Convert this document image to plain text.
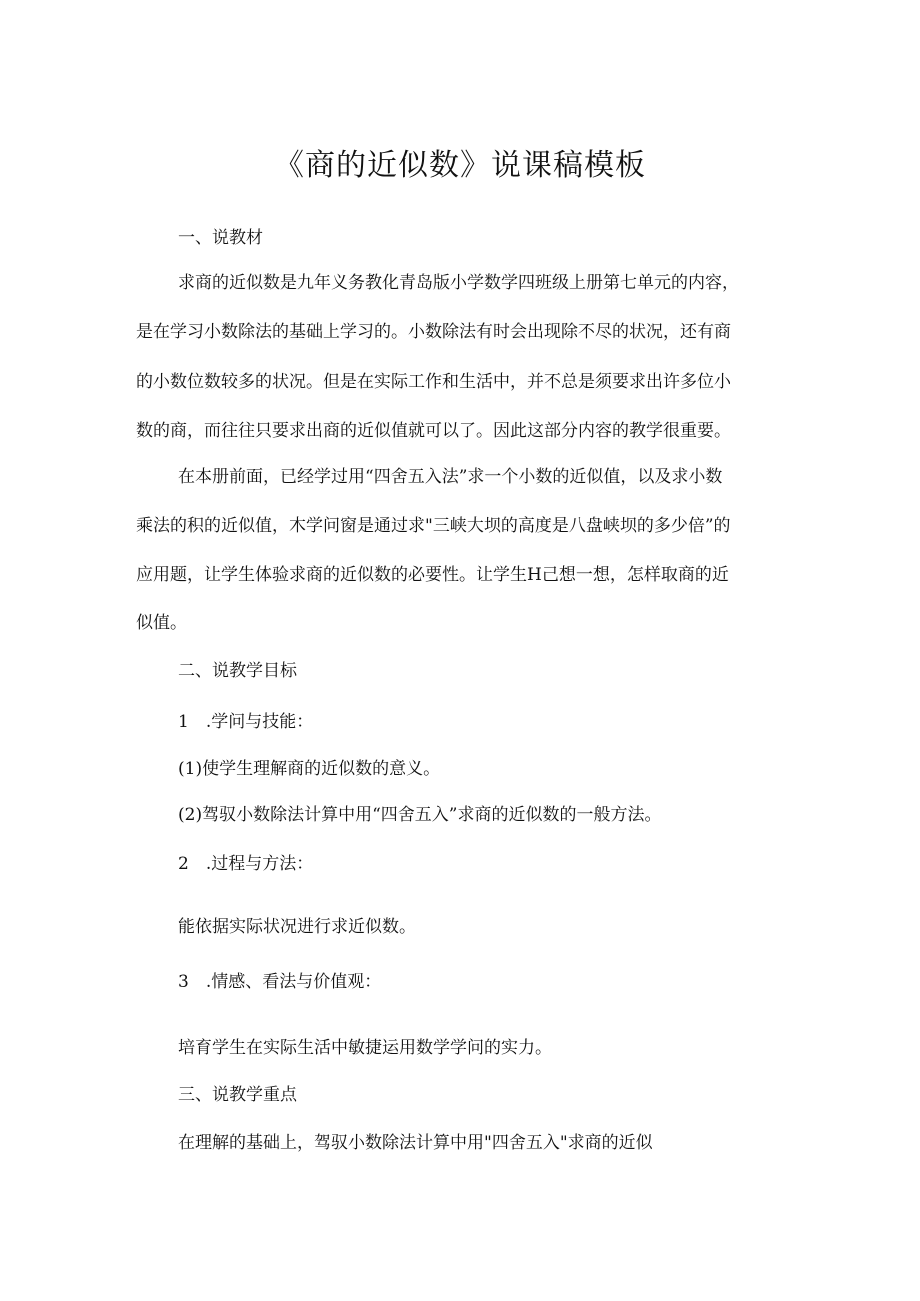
《商的近似数》说课稿模板

一、说教材

求商的近似数是九年义务教化青岛版小学数学四班级上册第七单元的内容，

是在学习小数除法的基础上学习的。小数除法有时会出现除不尽的状况，还有商

的小数位数较多的状况。但是在实际工作和生活中，并不总是须要求出许多位小

数的商，而往往只要求出商的近似值就可以了。因此这部分内容的教学很重要。

在本册前面，已经学过用“四舍五入法”求一个小数的近似值，以及求小数

乘法的积的近似值，木学问窗是通过求"三峡大坝的高度是八盘峡坝的多少倍”的

应用题，让学生体验求商的近似数的必要性。让学生H己想一想，怎样取商的近

似值。

二、说教学目标

1　.学问与技能：

(1)使学生理解商的近似数的意义。

(2)驾驭小数除法计算中用“四舍五入”求商的近似数的一般方法。

2　.过程与方法：

能依据实际状况进行求近似数。

3　.情感、看法与价值观：

培育学生在实际生活中敏捷运用数学学问的实力。

三、说教学重点

在理解的基础上，驾驭小数除法计算中用"四舍五入"求商的近似
